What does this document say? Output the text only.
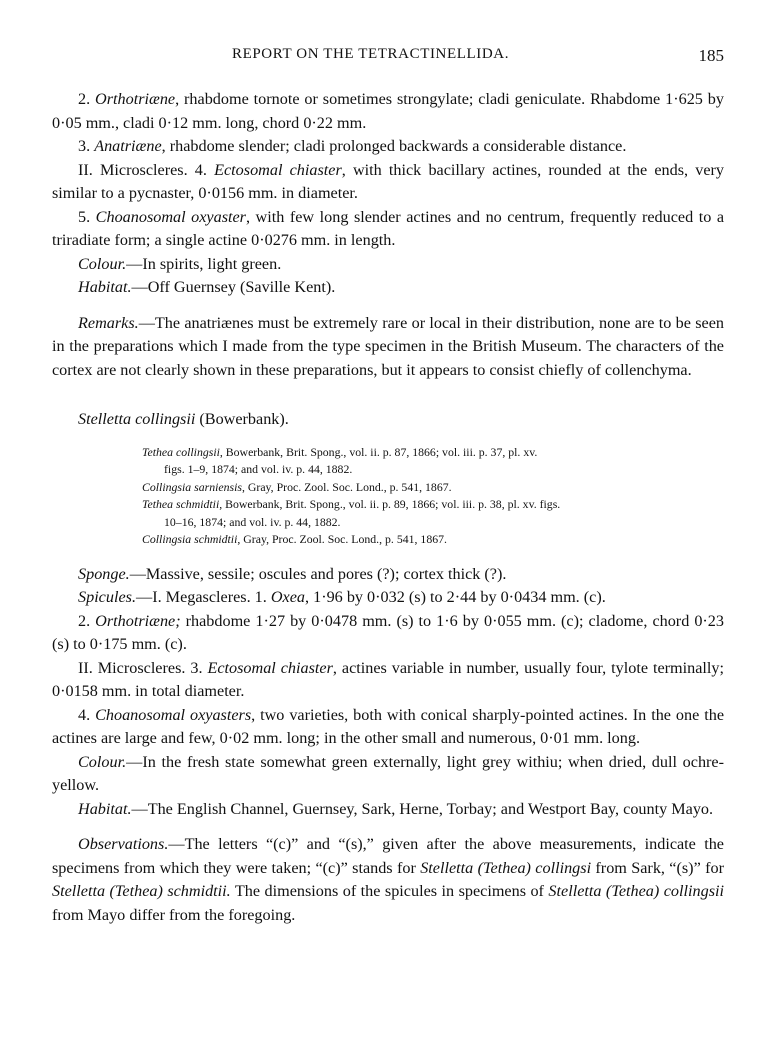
REPORT ON THE TETRACTINELLIDA.	185

2. Orthotriæne, rhabdome tornote or sometimes strongylate; cladi geniculate. Rhabdome 1·625 by 0·05 mm., cladi 0·12 mm. long, chord 0·22 mm.

3. Anatriæne, rhabdome slender; cladi prolonged backwards a considerable distance.

II. Microscleres. 4. Ectosomal chiaster, with thick bacillary actines, rounded at the ends, very similar to a pycnaster, 0·0156 mm. in diameter.

5. Choanosomal oxyaster, with few long slender actines and no centrum, frequently reduced to a triradiate form; a single actine 0·0276 mm. in length.

Colour.—In spirits, light green.

Habitat.—Off Guernsey (Saville Kent).

Remarks.—The anatriænes must be extremely rare or local in their distribution, none are to be seen in the preparations which I made from the type specimen in the British Museum. The characters of the cortex are not clearly shown in these preparations, but it appears to consist chiefly of collenchyma.

Stelletta collingsii (Bowerbank).

Tethea collingsii, Bowerbank, Brit. Spong., vol. ii. p. 87, 1866; vol. iii. p. 37, pl. xv.
figs. 1–9, 1874; and vol. iv. p. 44, 1882.

Collingsia sarniensis, Gray, Proc. Zool. Soc. Lond., p. 541, 1867.

Tethea schmidtii, Bowerbank, Brit. Spong., vol. ii. p. 89, 1866; vol. iii. p. 38, pl. xv. figs.
10–16, 1874; and vol. iv. p. 44, 1882.

Collingsia schmidtii, Gray, Proc. Zool. Soc. Lond., p. 541, 1867.

Sponge.—Massive, sessile; oscules and pores (?); cortex thick (?).

Spicules.—I. Megascleres. 1. Oxea, 1·96 by 0·032 (s) to 2·44 by 0·0434 mm. (c).

2. Orthotriæne; rhabdome 1·27 by 0·0478 mm. (s) to 1·6 by 0·055 mm. (c); cladome, chord 0·23 (s) to 0·175 mm. (c).

II. Microscleres. 3. Ectosomal chiaster, actines variable in number, usually four, tylote terminally; 0·0158 mm. in total diameter.

4. Choanosomal oxyasters, two varieties, both with conical sharply-pointed actines. In the one the actines are large and few, 0·02 mm. long; in the other small and numerous, 0·01 mm. long.

Colour.—In the fresh state somewhat green externally, light grey withiu; when dried, dull ochre-yellow.

Habitat.—The English Channel, Guernsey, Sark, Herne, Torbay; and Westport Bay, county Mayo.

Observations.—The letters “(c)” and “(s),” given after the above measurements, indicate the specimens from which they were taken; “(c)” stands for Stelletta (Tethea) collingsi from Sark, “(s)” for Stelletta (Tethea) schmidtii. The dimensions of the spicules in specimens of Stelletta (Tethea) collingsii from Mayo differ from the foregoing.
